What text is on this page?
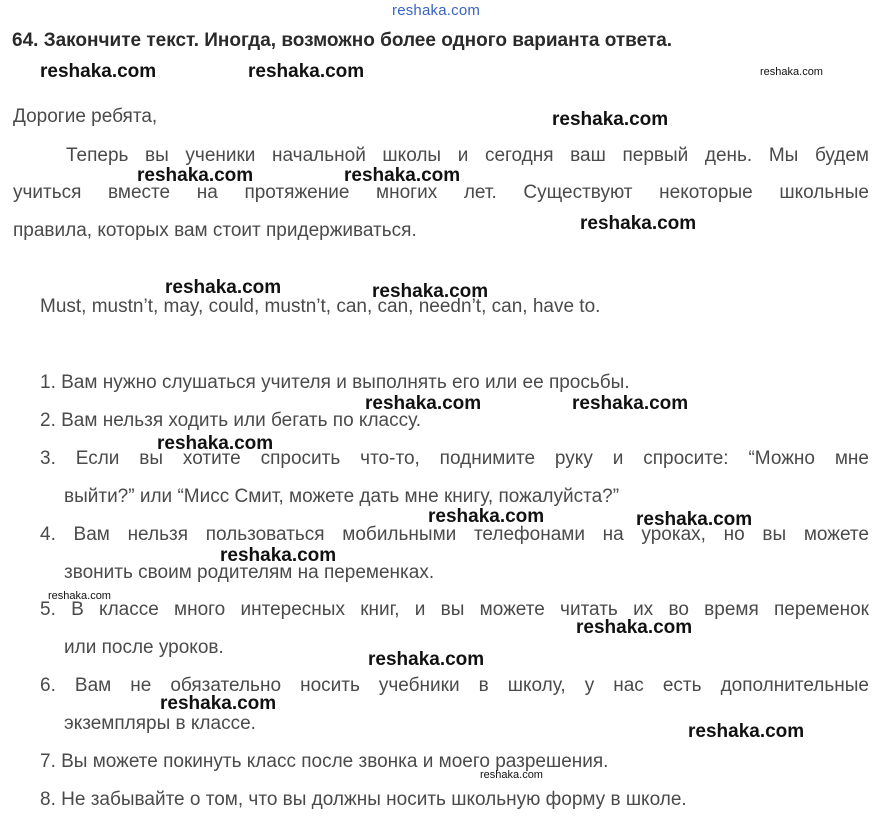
reshaka.com
64. Закончите текст. Иногда, возможно более одного варианта ответа.
Дорогие ребята,
Теперь вы ученики начальной школы и сегодня ваш первый день. Мы будем
учиться вместе на протяжение многих лет. Существуют некоторые школьные
правила, которых вам стоит придерживаться.
Must, mustn’t, may, could, mustn’t, can, can, needn’t, can, have to.
1. Вам нужно слушаться учителя и выполнять его или ее просьбы.
2. Вам нельзя ходить или бегать по классу.
3. Если вы хотите спросить что-то, поднимите руку и спросите: “Можно мне
выйти?” или “Мисс Смит, можете дать мне книгу, пожалуйста?”
4. Вам нельзя пользоваться мобильными телефонами на уроках, но вы можете
звонить своим родителям на переменках.
5. В классе много интересных книг, и вы можете читать их во время переменок
или после уроков.
6. Вам не обязательно носить учебники в школу, у нас есть дополнительные
экземпляры в классе.
7. Вы можете покинуть класс после звонка и моего разрешения.
8. Не забывайте о том, что вы должны носить школьную форму в школе.
reshaka.com	reshaka.com	reshaka.com
reshaka.com
reshaka.com	reshaka.com
reshaka.com
reshaka.com	reshaka.com
reshaka.com	reshaka.com
reshaka.com
reshaka.com	reshaka.com
reshaka.com
reshaka.com
reshaka.com
reshaka.com
reshaka.com
reshaka.com
reshaka.com
